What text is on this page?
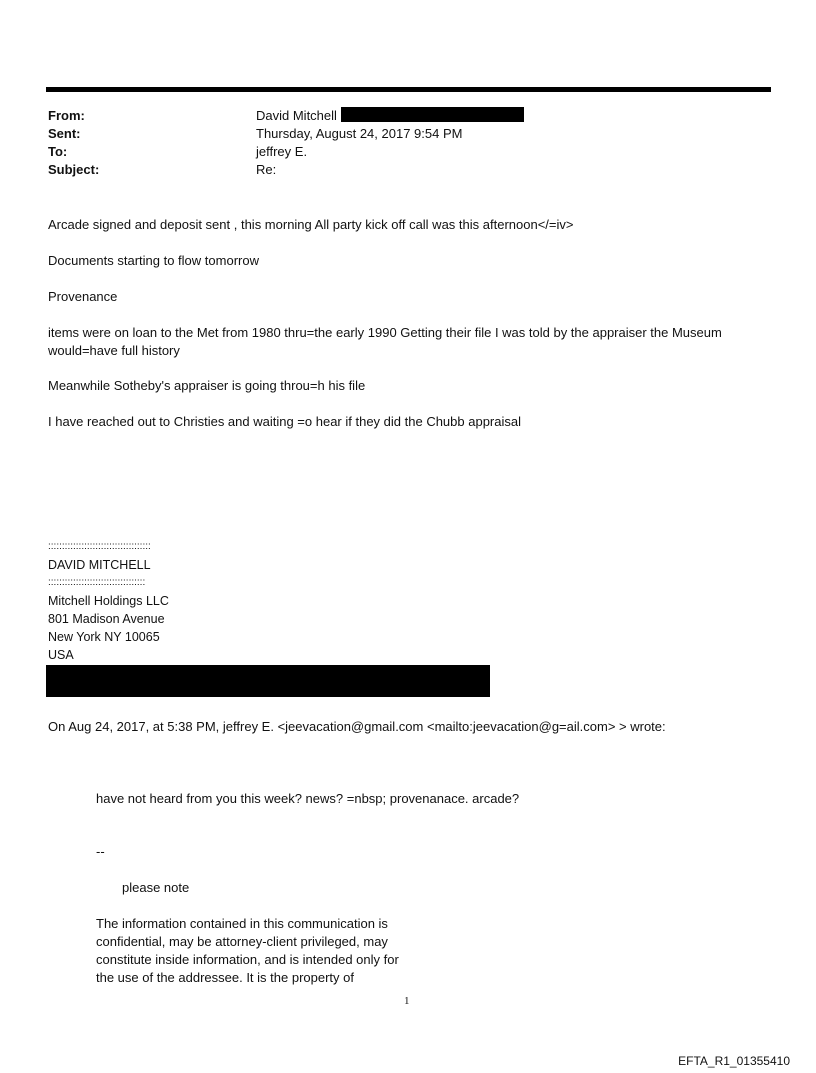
From:	David Mitchell
Sent:	Thursday, August 24, 2017 9:54 PM
To:	jeffrey E.
Subject:	Re:
Arcade signed and deposit sent , this morning All party kick off call was this afternoon</=iv>
Documents starting to flow tomorrow
Provenance
items were on loan to the Met from 1980 thru=the early 1990 Getting their file I was told by the appraiser the Museum
would=have full history
Meanwhile Sotheby's appraiser is going throu=h his file
I have reached out to Christies and waiting =o hear if they did the Chubb appraisal
:::::::::::::::::::::::::::::::::::::
DAVID MITCHELL
:::::::::::::::::::::::::::::::::::
Mitchell Holdings LLC
801 Madison Avenue
New York NY 10065
USA
On Aug 24, 2017, at 5:38 PM, jeffrey E. <jeevacation@gmail.com <mailto:jeevacation@g=ail.com> > wrote:
have not heard from you this week? news? =nbsp; provenanace. arcade?
--
please note
The information contained in this communication is
confidential, may be attorney-client privileged, may
constitute inside information, and is intended only for
the use of the addressee. It is the property of
1
EFTA_R1_01355410
